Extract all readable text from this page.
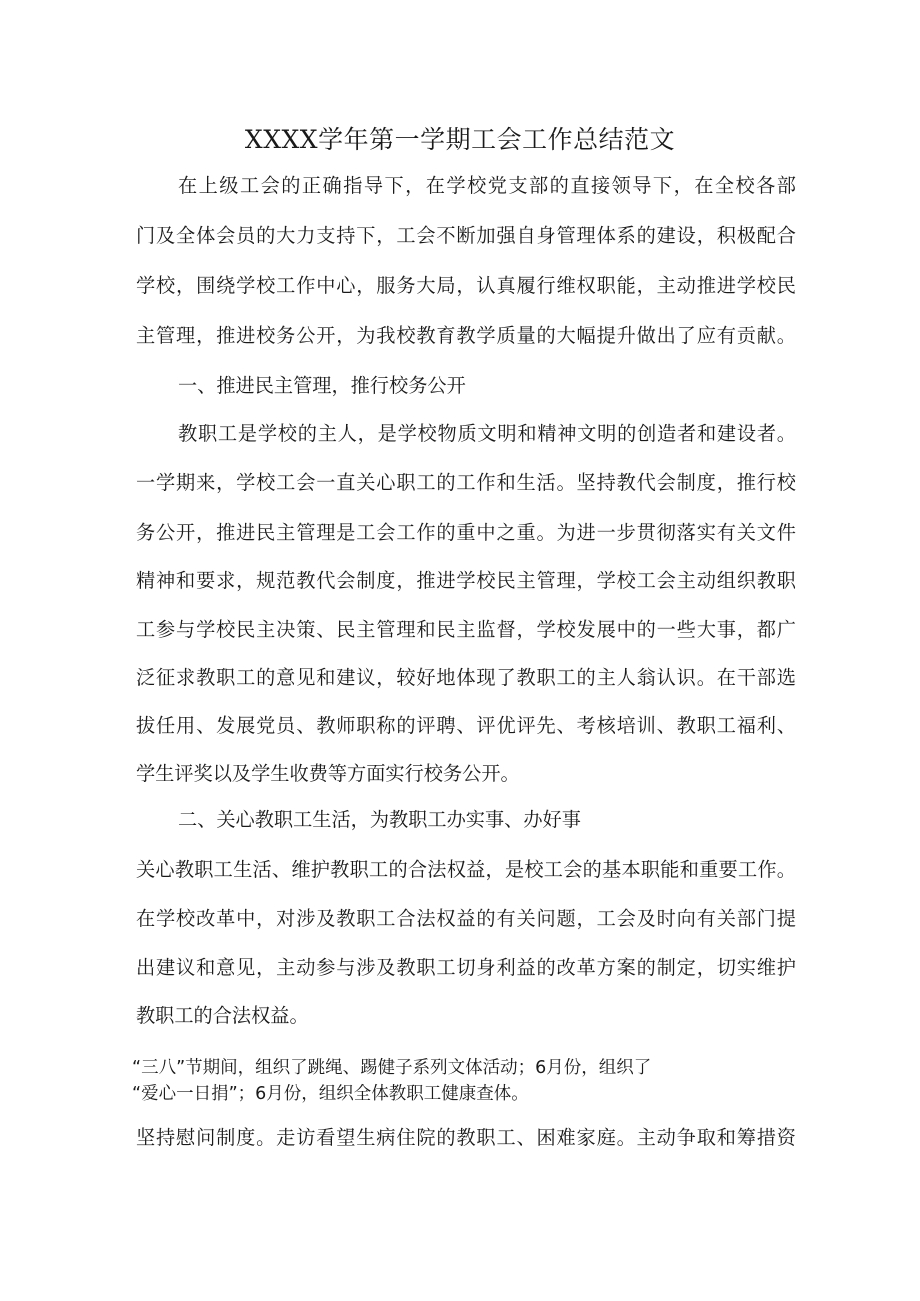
XXXX学年第一学期工会工作总结范文
在上级工会的正确指导下，在学校党支部的直接领导下，在全校各部
门及全体会员的大力支持下，工会不断加强自身管理体系的建设，积极配合
学校，围绕学校工作中心，服务大局，认真履行维权职能，主动推进学校民
主管理，推进校务公开，为我校教育教学质量的大幅提升做出了应有贡献。
一、推进民主管理，推行校务公开
教职工是学校的主人，是学校物质文明和精神文明的创造者和建设者。
一学期来，学校工会一直关心职工的工作和生活。坚持教代会制度，推行校
务公开，推进民主管理是工会工作的重中之重。为进一步贯彻落实有关文件
精神和要求，规范教代会制度，推进学校民主管理，学校工会主动组织教职
工参与学校民主决策、民主管理和民主监督，学校发展中的一些大事，都广
泛征求教职工的意见和建议，较好地体现了教职工的主人翁认识。在干部选
拔任用、发展党员、教师职称的评聘、评优评先、考核培训、教职工福利、
学生评奖以及学生收费等方面实行校务公开。
二、关心教职工生活，为教职工办实事、办好事
关心教职工生活、维护教职工的合法权益，是校工会的基本职能和重要工作。
在学校改革中，对涉及教职工合法权益的有关问题，工会及时向有关部门提
出建议和意见，主动参与涉及教职工切身利益的改革方案的制定，切实维护
教职工的合法权益。
“三八”节期间，组织了跳绳、踢健子系列文体活动；6月份，组织了
“爱心一日捐”；6月份，组织全体教职工健康查体。
坚持慰问制度。走访看望生病住院的教职工、困难家庭。主动争取和筹措资
